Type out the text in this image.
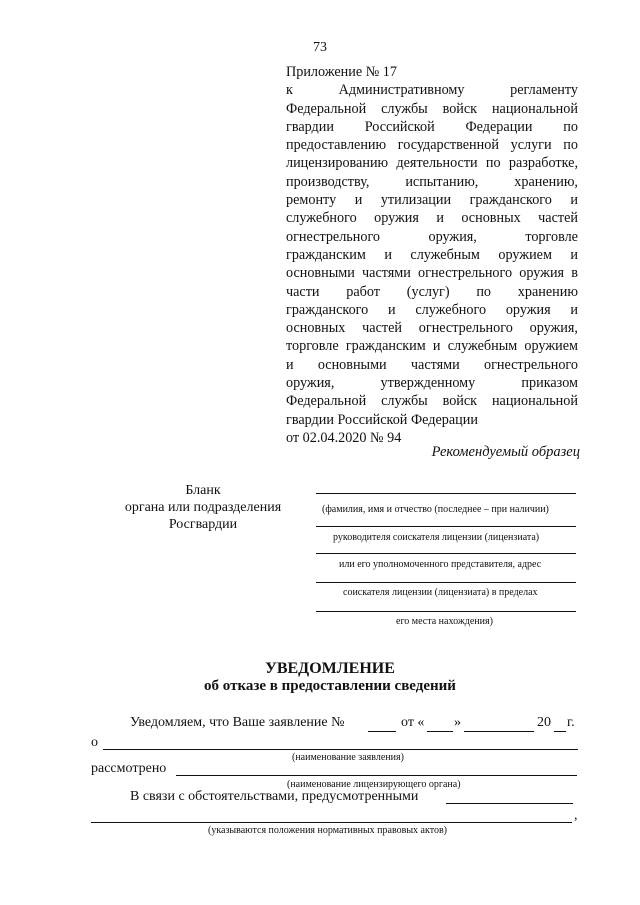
73
Приложение № 17
к	Административному	регламенту
Федеральной службы войск национальной
гвардии Российской Федерации по
предоставлению государственной услуги по
лицензированию деятельности по разработке,
производству,	испытанию,	хранению,
ремонту и утилизации гражданского и
служебного оружия и основных частей
огнестрельного	оружия,	торговле
гражданским и служебным оружием и
основными частями огнестрельного оружия в
части работ (услуг) по хранению
гражданского и служебного оружия и
основных частей огнестрельного оружия,
торговле гражданским и служебным оружием
и основными частями огнестрельного
оружия,	утвержденному	приказом
Федеральной службы войск национальной
гвардии Российской Федерации
от 02.04.2020 № 94
Рекомендуемый образец
Бланк
органа или подразделения
Росгвардии
(фамилия, имя и отчество (последнее – при наличии)
руководителя соискателя лицензии (лицензиата)
или его уполномоченного представителя, адрес
соискателя лицензии (лицензиата) в пределах
его места нахождения)
УВЕДОМЛЕНИЕ
об отказе в предоставлении сведений
Уведомляем, что Ваше заявление №	от « »	20 г.
о
(наименование заявления)
рассмотрено
(наименование лицензирующего органа)
В связи с обстоятельствами, предусмотренными
,
(указываются положения нормативных правовых актов)
